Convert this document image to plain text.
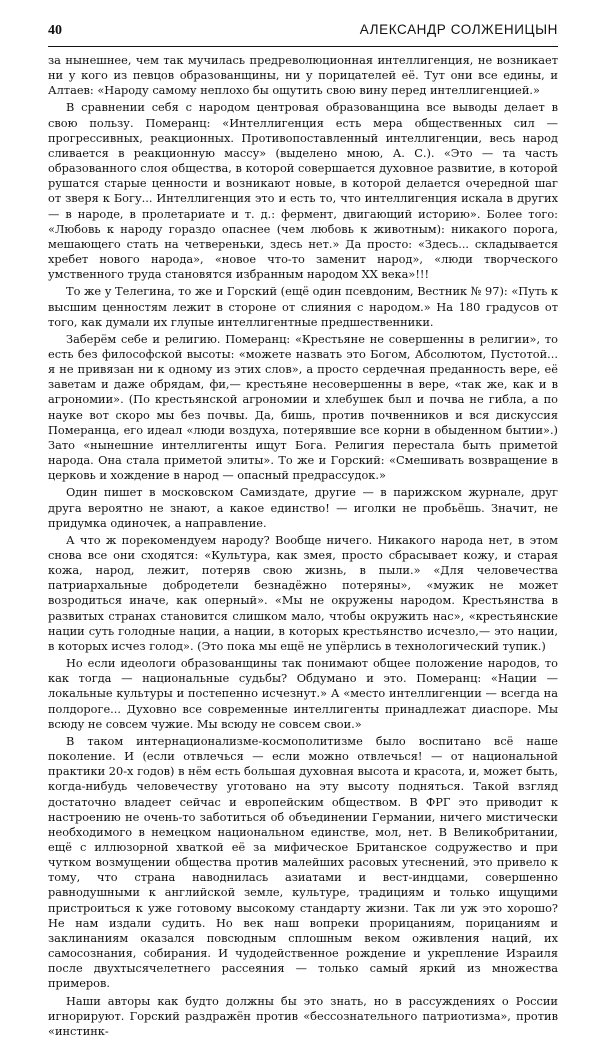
40	АЛЕКСАНДР СОЛЖЕНИЦЫН

за нынешнее, чем так мучилась предреволюционная интеллигенция, не возникает ни у кого из певцов образованщины, ни у порицателей её. Тут они все едины, и Алтаев: «Народу самому неплохо бы ощутить свою вину перед интеллигенцией.»

В сравнении себя с народом центровая образованщина все выводы делает в свою пользу. Померанц: «Интеллигенция есть мера общественных сил — прогрессивных, реакционных. Противопоставленный интеллигенции, весь народ сливается в реакционную массу» (выделено мною, А. С.). «Это — та часть образованного слоя общества, в которой совершается духовное развитие, в которой рушатся старые ценности и возникают новые, в которой делается очередной шаг от зверя к Богу... Интеллигенция это и есть то, что интеллигенция искала в других — в народе, в пролетариате и т. д.: фермент, двигающий историю». Более того: «Любовь к народу гораздо опаснее (чем любовь к животным): никакого порога, мешающего стать на четвереньки, здесь нет.» Да просто: «Здесь... складывается хребет нового народа», «новое что-то заменит народ», «люди творческого умственного труда становятся избранным народом XX века»!!!

То же у Телегина, то же и Горский (ещё один псевдоним, Вестник № 97): «Путь к высшим ценностям лежит в стороне от слияния с народом.» На 180 градусов от того, как думали их глупые интеллигентные предшественники.

Заберём себе и религию. Померанц: «Крестьяне не совершенны в религии», то есть без философской высоты: «можете назвать это Богом, Абсолютом, Пустотой... я не привязан ни к одному из этих слов», а просто сердечная преданность вере, её заветам и даже обрядам, фи,— крестьяне несовершенны в вере, «так же, как и в агрономии». (По крестьянской агрономии и хлебушек был и почва не гибла, а по науке вот скоро мы без почвы. Да, бишь, против почвенников и вся дискуссия Померанца, его идеал «люди воздуха, потерявшие все корни в обыденном бытии».) Зато «нынешние интеллигенты ищут Бога. Религия перестала быть приметой народа. Она стала приметой элиты». То же и Горский: «Смешивать возвращение в церковь и хождение в народ — опасный предрассудок.»

Один пишет в московском Самиздате, другие — в парижском журнале, друг друга вероятно не знают, а какое единство! — иголки не пробьёшь. Значит, не придумка одиночек, а направление.

А что ж порекомендуем народу? Вообще ничего. Никакого народа нет, в этом снова все они сходятся: «Культура, как змея, просто сбрасывает кожу, и старая кожа, народ, лежит, потеряв свою жизнь, в пыли.» «Для человечества патриархальные добродетели безнадёжно потеряны», «мужик не может возродиться иначе, как оперный». «Мы не окружены народом. Крестьянства в развитых странах становится слишком мало, чтобы окружить нас», «крестьянские нации суть голодные нации, а нации, в которых крестьянство исчезло,— это нации, в которых исчез голод». (Это пока мы ещё не упёрлись в технологический тупик.)

Но если идеологи образованщины так понимают общее положение народов, то как тогда — национальные судьбы? Обдумано и это. Померанц: «Нации — локальные культуры и постепенно исчезнут.» А «место интеллигенции — всегда на полдороге... Духовно все современные интеллигенты принадлежат диаспоре. Мы всюду не совсем чужие. Мы всюду не совсем свои.»

В таком интернационализме-космополитизме было воспитано всё наше поколение. И (если отвлечься — если можно отвлечься! — от национальной практики 20-х годов) в нём есть большая духовная высота и красота, и, может быть, когда-нибудь человечеству уготовано на эту высоту подняться. Такой взгляд достаточно владеет сейчас и европейским обществом. В ФРГ это приводит к настроению не очень-то заботиться об объединении Германии, ничего мистически необходимого в немецком национальном единстве, мол, нет. В Великобритании, ещё с иллюзорной хваткой её за мифическое Британское содружество и при чутком возмущении общества против малейших расовых утеснений, это привело к тому, что страна наводнилась азиатами и вест-индцами, совершенно равнодушными к английской земле, культуре, традициям и только ищущими пристроиться к уже готовому высокому стандарту жизни. Так ли уж это хорошо? Не нам издали судить. Но век наш вопреки прорицаниям, порицаниям и заклинаниям оказался повсюдным сплошным веком оживления наций, их самосознания, собирания. И чудодейственное рождение и укрепление Израиля после двухтысячелетнего рассеяния — только самый яркий из множества примеров.

Наши авторы как будто должны бы это знать, но в рассуждениях о России игнорируют. Горский раздражён против «бессознательного патриотизма», против «инстинк-
